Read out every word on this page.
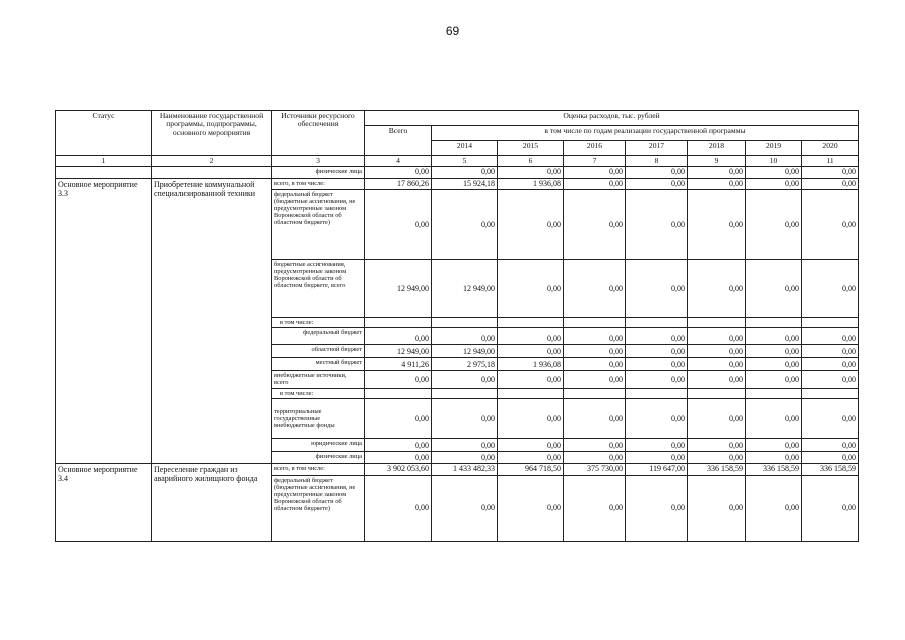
69
Статус	Наименование государственной программы, подпрограммы, основного мероприятия	Источники ресурсного обеспечения	Оценка расходов, тыс. рублей							
			Всего	в том числе по годам реализации государственной программы						
				2014	2015	2016	2017	2018	2019	2020
1	2	3	4	5	6	7	8	9	10	11
		физические лица	0,00	0,00	0,00	0,00	0,00	0,00	0,00	0,00
Основное мероприятие 3.3	Приобретение коммунальной специализированной техники	всего, в том числе:	17 860,26	15 924,18	1 936,08	0,00	0,00	0,00	0,00	0,00
		федеральный бюджет (бюджетные ассигнования, не предусмотренные законом Воронежской области об областном бюджете)	0,00	0,00	0,00	0,00	0,00	0,00	0,00	0,00
		бюджетные ассигнования, предусмотренные законом Воронежской области об областном бюджете, всего	12 949,00	12 949,00	0,00	0,00	0,00	0,00	0,00	0,00
		в том числе:								
		федеральный бюджет	0,00	0,00	0,00	0,00	0,00	0,00	0,00	0,00
		областной бюджет	12 949,00	12 949,00	0,00	0,00	0,00	0,00	0,00	0,00
		местный бюджет	4 911,26	2 975,18	1 936,08	0,00	0,00	0,00	0,00	0,00
		внебюджетные источники, всего	0,00	0,00	0,00	0,00	0,00	0,00	0,00	0,00
		в том числе:								
		территориальные государственные внебюджетные фонды	0,00	0,00	0,00	0,00	0,00	0,00	0,00	0,00
		юридические лица	0,00	0,00	0,00	0,00	0,00	0,00	0,00	0,00
		физические лица	0,00	0,00	0,00	0,00	0,00	0,00	0,00	0,00
Основное мероприятие 3.4	Переселение граждан из аварийного жилищного фонда	всего, в том числе:	3 902 053,60	1 433 482,33	964 718,50	375 730,00	119 647,00	336 158,59	336 158,59	336 158,59
		федеральный бюджет (бюджетные ассигнования, не предусмотренные законом Воронежской области об областном бюджете)	0,00	0,00	0,00	0,00	0,00	0,00	0,00	0,00
